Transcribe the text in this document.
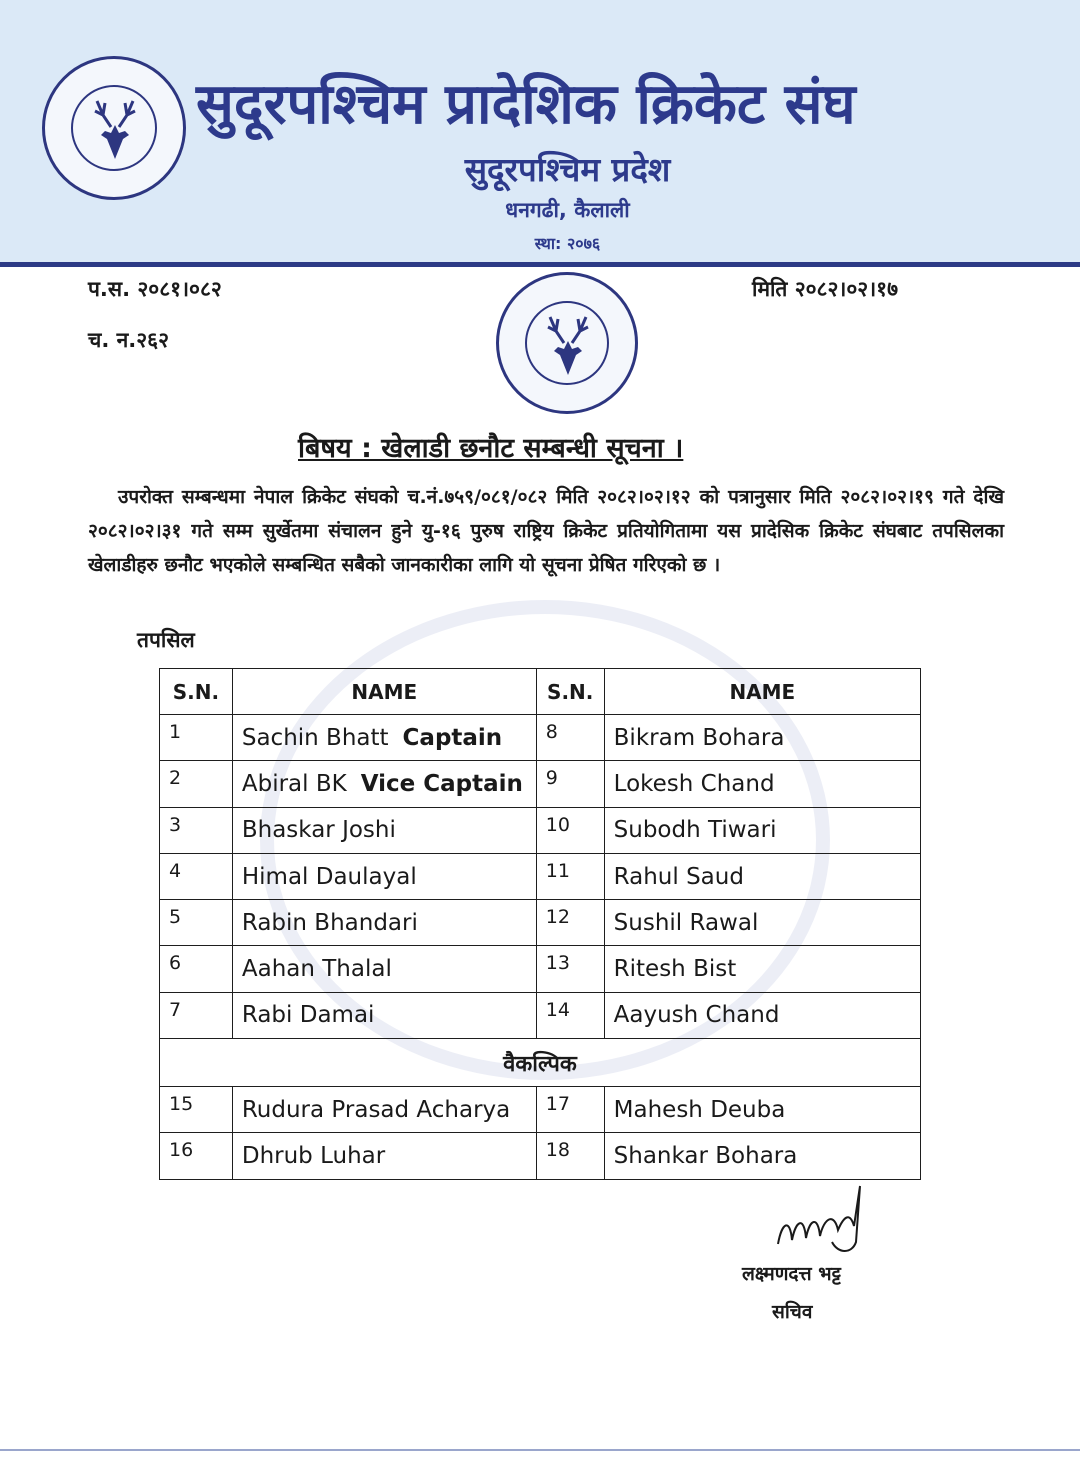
सुदूरपश्चिम प्रादेशिक क्रिकेट संघ
सुदूरपश्चिम प्रदेश
धनगढी, कैलाली
स्था: २०७६
प.स. २०८१।०८२
च. न.२६२
मिति २०८२।०२।१७
बिषय : खेलाडी छनौट सम्बन्धी सूचना ।
उपरोक्त सम्बन्धमा नेपाल क्रिकेट संघको च.नं.७५९/०८१/०८२ मिति २०८२।०२।१२ को पत्रानुसार मिति २०८२।०२।१९ गते देखि २०८२।०२।३१ गते सम्म सुर्खेतमा संचालन हुने यु-१६ पुरुष राष्ट्रिय क्रिकेट प्रतियोगितामा यस प्रादेसिक क्रिकेट संघबाट तपसिलका खेलाडीहरु छनौट भएकोले सम्बन्धित सबैको जानकारीका लागि यो सूचना प्रेषित गरिएको छ ।
तपसिल
S.N.	NAME	S.N.	NAME
1	Sachin Bhatt Captain	8	Bikram Bohara
2	Abiral BK Vice Captain	9	Lokesh Chand
3	Bhaskar Joshi	10	Subodh Tiwari
4	Himal Daulayal	11	Rahul Saud
5	Rabin Bhandari	12	Sushil Rawal
6	Aahan Thalal	13	Ritesh Bist
7	Rabi Damai	14	Aayush Chand
वैकल्पिक			
15	Rudura Prasad Acharya	17	Mahesh Deuba
16	Dhrub Luhar	18	Shankar Bohara
लक्ष्मणदत्त भट्ट
सचिव
